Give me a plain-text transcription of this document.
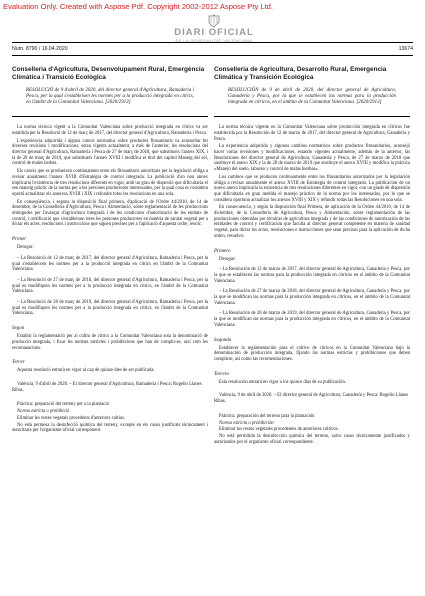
Evaluation Only. Created with Aspose Pdf. Copyright 2002-2012 Aspose Pty Ltd.
DIARI OFICIAL
DE LA GENERALITAT VALENCIANA
Num. 8790 / 16.04.2020	13674

Conselleria d'Agricultura, Desenvolupament Rural, Emergència Climàtica i Transició Ecològica

RESOLUCIÓ de 9 d'abril de 2020, del director general d'Agricultura, Ramaderia i Pesca, per la qual s'estableixen les normes per a la producció integrada en cítrics, en l'àmbit de la Comunitat Valenciana. [2020/2913]

La norma tècnica vigent a la Comunitat Valenciana sobre producció integrada en cítrics va ser establida per la Resolució de 12 de març de 2017, del director general d'Agricultura, Ramaderia i Pesca.

L'experiència adquirida i alguns canvis normatius sobre productes fitosanitaris va aconsellar fer diverses revisions i modificacions; estan vigents actualment, a més de l'anterior, les resolucions del director general d'Agricultura, Ramaderia i Pesca de 27 de març de 2018, que substitueix l'annex XIX, i la de 28 de març de 2019, que substitueix l'annex XVIII i modifica el títol del capítol Maneig del sòl, control de males herbes.

Els canvis que es produeixen contínuament entre els fitosanitaris autoritzats per la legislació obliga a revisar anualment l'annex XVIII d'Estratègia de control integrada. La publicació d'un nou annex implicaria l'existència de tres resolucions diferents en vigor, amb un grau de dispersió que dificultaria el seu maneig pràctic de la norma per a les persones productores interessades, per la qual cosa es considera oportú actualitzar els annexos XVIII i XIX i refondre totes les resolucions en una sola.

En conseqüència, i segons la disposició final primera, d'aplicació de l'Ordre 44/2010, de 14 de desembre, de la Conselleria d'Agricultura, Pesca i Alimentació, sobre reglamentació de les produccions obtingudes per l'avançat d'agricultura integrada i de les condicions d'autorització de les entitats de control, i certificació que s'estableixen totes les persones productores en matèria de sanitat vegetal per a dictar els actes, resolucions i instruccions que siguen precises per a l'aplicació d'aquesta ordre, resolc:

Primer

Derogar:

– La Resolució de 12 de març de 2017, del director general d'Agricultura, Ramaderia i Pesca, per la qual s'estableixen les normes per a la producció integrada en cítrics en l'àmbit de la Comunitat Valenciana.

– La Resolució de 27 de març de 2018, del director general d'Agricultura, Ramaderia i Pesca, per la qual es modifiquen les normes per a la producció integrada en cítrics, en l'àmbit de la Comunitat Valenciana.

– La Resolució de 28 de març de 2019, del director general d'Agricultura, Ramaderia i Pesca, per la qual es modifiquen les normes per a la producció integrada en cítrics, en l'àmbit de la Comunitat Valenciana.

Segon

Establir la reglamentació per al cultiu de cítrics a la Comunitat Valenciana sota la denominació de producció integrada, i fixar les normes estrictes i prohibicions que han de complir-se, així com les recomanacions.

Tercer

Aquesta resolució entrarà en vigor al cap de quinze dies de ser publicada.

València, 9 d'abril de 2020. – El director general d'Agricultura, Ramaderia i Pesca: Rogelio Llanes Ribas.

Pràctica: preparació del terreny per a la plantació

Norma estricta o prohibició

Eliminar les restes vegetals procedents d'anteriors cultius.

No està permesa la desinfecció química del terreny, excepte en els casos justificats tècnicament i autoritzats per l'organisme oficial corresponent.

Conselleria de Agricultura, Desarrollo Rural, Emergencia Climática y Transición Ecológica

RESOLUCIÓN de 9 de abril de 2020, del director general de Agricultura, Ganadería y Pesca, por la que se establecen las normas para la producción integrada en cítricos, en el ámbito de la Comunitat Valenciana. [2020/2913]

La norma técnica vigente en la Comunitat Valenciana sobre producción integrada en cítricos fue establecida por la Resolución de 12 de marzo de 2017, del director general de Agricultura, Ganadería y Pesca.

La experiencia adquirida y algunos cambios normativos sobre productos fitosanitarios, aconsejó hacer varias revisiones y modificaciones, estando vigentes actualmente, además de la anterior, las Resoluciones del director general de Agricultura, Ganadería y Pesca, de 27 de marzo de 2018 que sustituye el anexo XIX y la de 28 de marzo de 2019 que sustituye el anexo XVIII y modifica la práctica «Manejo del suelo, laboreo y control de malas hierbas».

Los cambios que se producen continuamente entre los fitosanitarios autorizados por la legislación obliga a revisar anualmente el anexo XVIII de Estrategia de control integrado. La publicación de un nuevo anexo implicaría la existencia de tres resoluciones diferentes en vigor, con un grado de dispersión que dificultaría en gran medida el manejo práctico de la norma por los interesados, por lo que se considera oportuno actualizar los anexos XVIII y XIX y refundir todas las Resoluciones en una sola.

En consecuencia, y según la disposición final Primera, de aplicación de la Orden 44/2010, de 14 de diciembre, de la Conselleria de Agricultura, Pesca y Alimentación, sobre reglamentación de las producciones obtenidas por técnicas de agricultura integrada y de las condiciones de autorización de las entidades de control y certificación que faculta al director general competente en materia de sanidad vegetal, para dictar los actos, resoluciones e instrucciones que sean precisos para la aplicación de dicha orden, resuelvo:

Primero

Derogar:

– La Resolución de 12 de marzo de 2017, del director general de Agricultura, Ganadería y Pesca, por la que se establecen las normas para la producción integrada en cítricos en el ámbito de la Comunitat Valenciana.

– La Resolución de 27 de marzo de 2018, del director general de Agricultura, Ganadería y Pesca, por la que se modifican las normas para la producción integrada en cítricos, en el ámbito de la Comunitat Valenciana.

– La Resolución de 28 de marzo de 2019, del director general de Agricultura, Ganadería y Pesca, por la que se modifican las normas para la producción integrada en cítricos, en el ámbito de la Comunitat Valenciana.

Segundo

Establecer la reglamentación para el cultivo de cítricos en la Comunitat Valenciana bajo la denominación de producción integrada, fijando las normas estrictas y prohibiciones que deben cumplirse, así como las recomendaciones.

Tercero

Esta resolución entrará en vigor a los quince días de su publicación.

València, 9 de abril de 2020. – El director general de Agricultura, Ganadería y Pesca: Rogelio Llanes Ribas.

Práctica: preparación del terreno para la plantación

Norma estricta o prohibición

Eliminar los restos vegetales procedentes de anteriores cultivos.

No está permitida la desinfección química del terreno, salvo casos técnicamente justificados y autorizados por el organismo oficial correspondiente.
